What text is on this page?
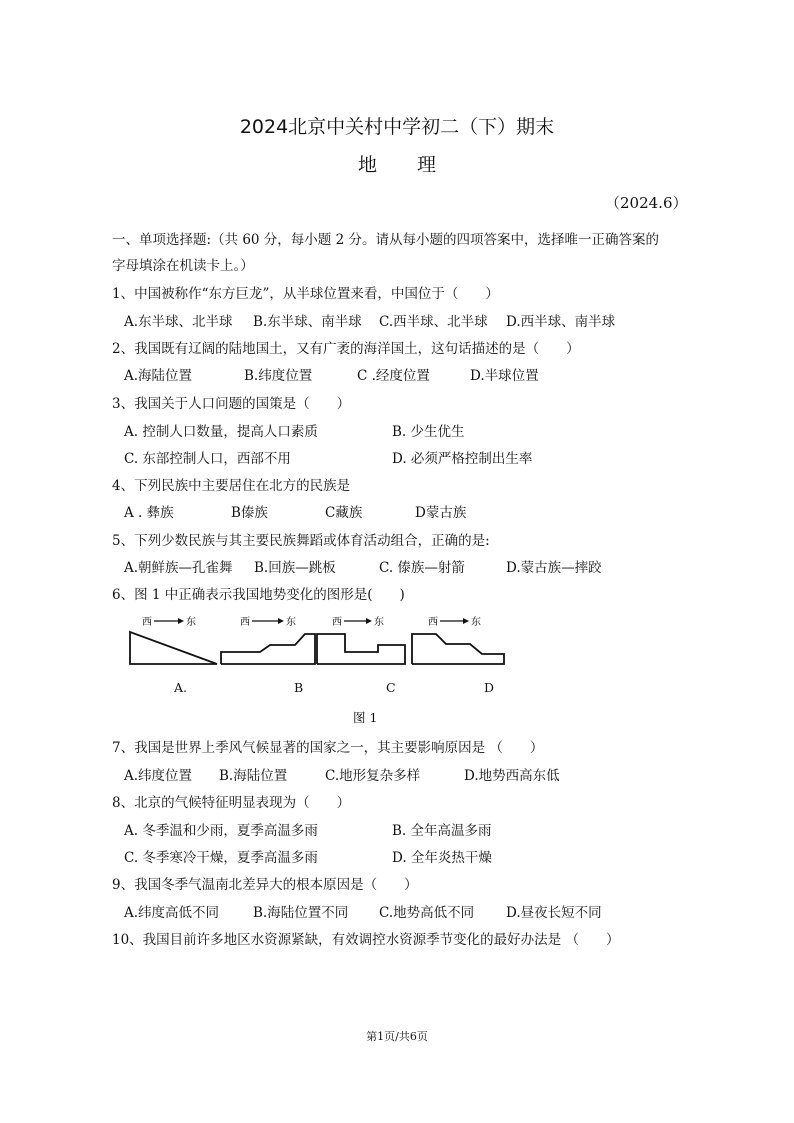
2024北京中关村中学初二（下）期末
地理
（2024.6）
一、单项选择题:（共 60 分，每小题 2 分。请从每小题的四项答案中，选择唯一正确答案的
字母填涂在机读卡上。）
1、中国被称作“东方巨龙”，从半球位置来看，中国位于（　　）
A.东半球、北半球 B.东半球、南半球 C.西半球、北半球 D.西半球、南半球
2、我国既有辽阔的陆地国土，又有广袤的海洋国土，这句话描述的是（　　）
A.海陆位置	B.纬度位置	C .经度位置	D.半球位置
3、我国关于人口问题的国策是（　　）
A. 控制人口数量，提高人口素质	B. 少生优生
C. 东部控制人口，西部不用	D. 必须严格控制出生率
4、下列民族中主要居住在北方的民族是
A . 彝族	B傣族	C藏族	D蒙古族
5、下列少数民族与其主要民族舞蹈或体育活动组合，正确的是:
A.朝鲜族—孔雀舞 B.回族—跳板	C. 傣族—射箭	D.蒙古族—摔跤
6、图 1 中正确表示我国地势变化的图形是(　　)
西	东	西	东	西	东	西	东
A.	B	C	D
图 1
7、我国是世界上季风气候显著的国家之一，其主要影响原因是 （　　）
A.纬度位置 B.海陆位置	C.地形复杂多样	D.地势西高东低
8、北京的气候特征明显表现为（　　）
A. 冬季温和少雨，夏季高温多雨	B. 全年高温多雨
C. 冬季寒冷干燥，夏季高温多雨	D. 全年炎热干燥
9、我国冬季气温南北差异大的根本原因是（　　）
A.纬度高低不同	B.海陆位置不同 C.地势高低不同 D.昼夜长短不同
10、我国目前许多地区水资源紧缺，有效调控水资源季节变化的最好办法是 （　　）
第1页/共6页
